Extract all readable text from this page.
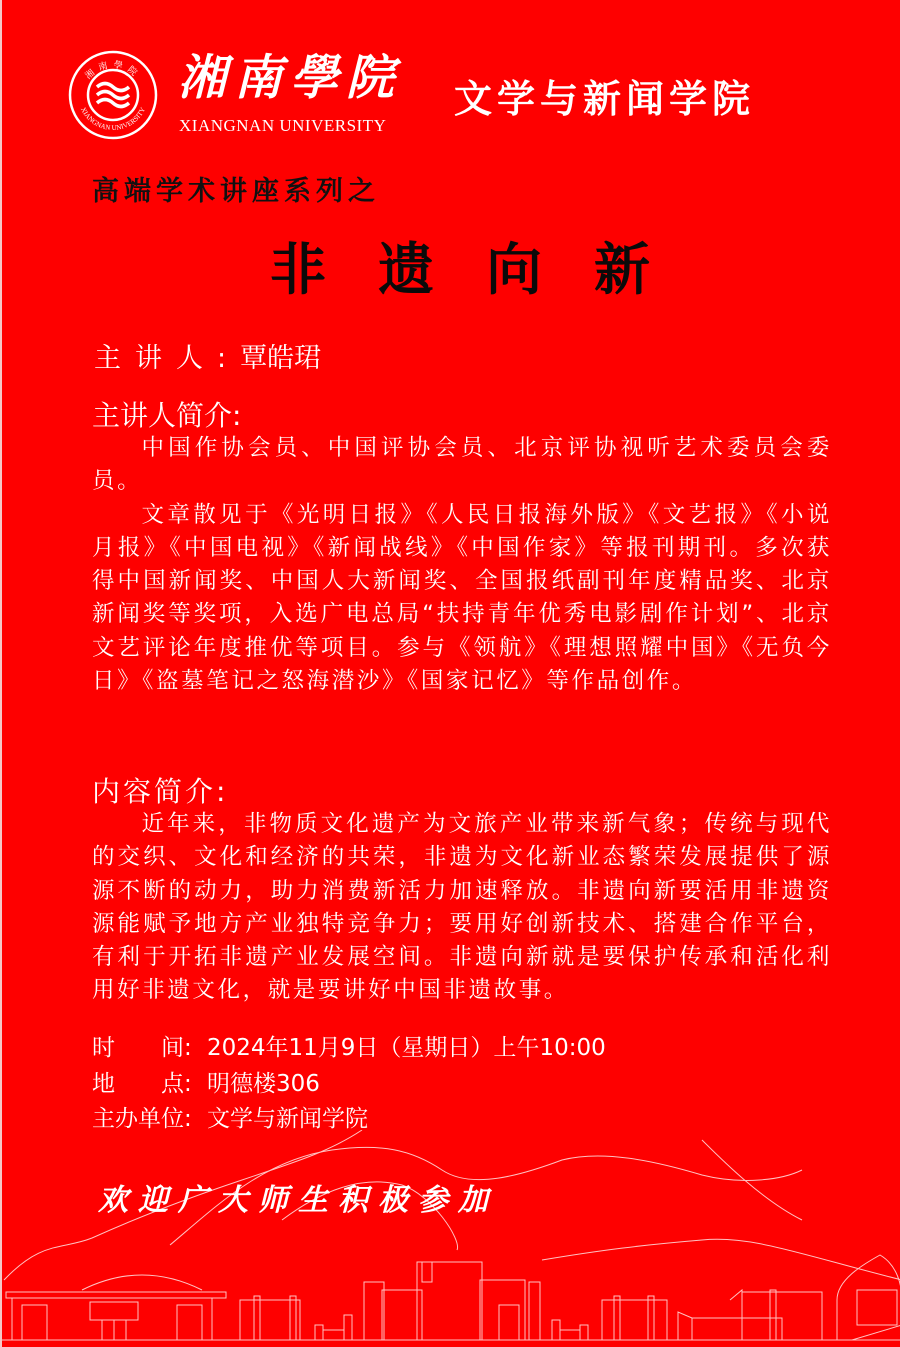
XIANGNAN UNIVERSITY
湘南學院 湘南學院
XIANGNAN UNIVERSITY
文学与新闻学院
高端学术讲座系列之
非 遗 向 新
主讲人:覃皓珺
主讲人简介:

中国作协会员、中国评协会员、北京评协视听艺术委员会委员。

文章散见于《光明日报》《人民日报海外版》《文艺报》《小说月报》《中国电视》《新闻战线》《中国作家》等报刊期刊。多次获得中国新闻奖、中国人大新闻奖、全国报纸副刊年度精品奖、北京新闻奖等奖项，入选广电总局“扶持青年优秀电影剧作计划”、北京文艺评论年度推优等项目。参与《领航》《理想照耀中国》《无负今日》《盗墓笔记之怒海潜沙》《国家记忆》等作品创作。

内容简介:

近年来，非物质文化遗产为文旅产业带来新气象；传统与现代的交织、文化和经济的共荣，非遗为文化新业态繁荣发展提供了源源不断的动力，助力消费新活力加速释放。非遗向新要活用非遗资源能赋予地方产业独特竞争力；要用好创新技术、搭建合作平台，有利于开拓非遗产业发展空间。非遗向新就是要保护传承和活化利用好非遗文化，就是要讲好中国非遗故事。

时　　间: 2024年11月9日（星期日）上午10:00
地　　点: 明德楼306
主办单位: 文学与新闻学院
欢迎广大师生积极参加
